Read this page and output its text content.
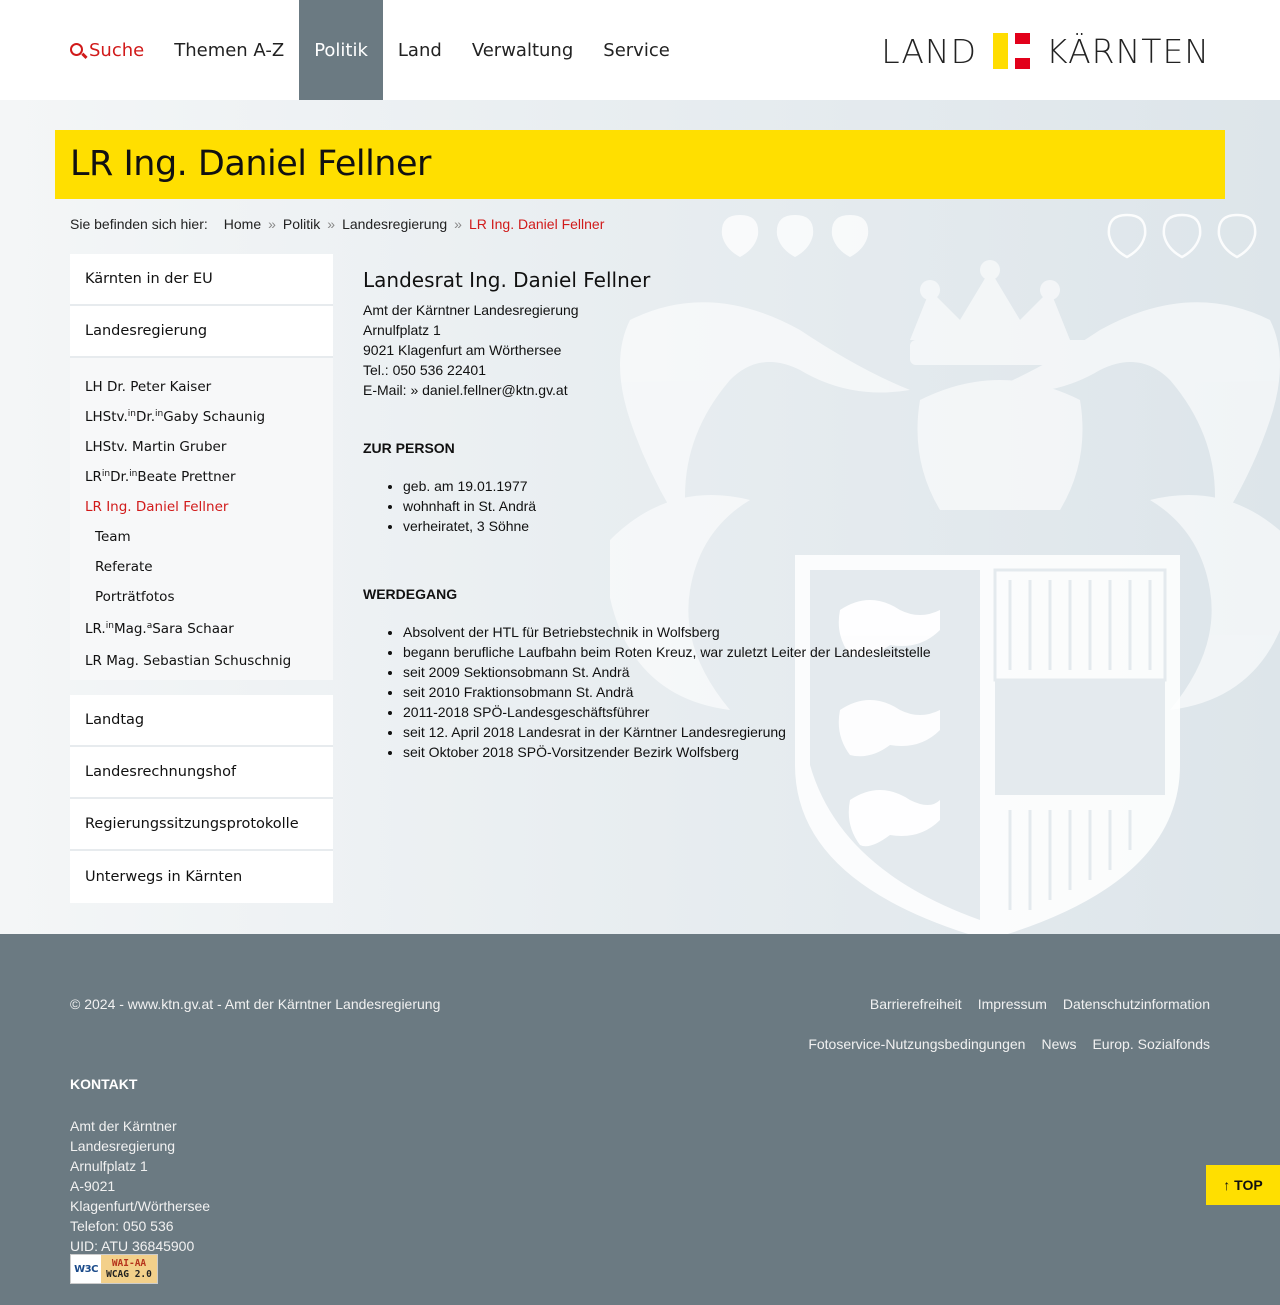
Suche	Themen A-Z	Politik	Land	Verwaltung	Service	LAND KÄRNTEN
LR Ing. Daniel Fellner
Sie befinden sich hier: Home » Politik » Landesregierung » LR Ing. Daniel Fellner
Kärnten in der EU
Landesregierung
LH Dr. Peter Kaiser
LHStv.$^{in}$ Dr.$^{in}$ Gaby Schaunig
LHStv. Martin Gruber
$LR^{in}$ Dr.$^{in}$ Beate Prettner
LR Ing. Daniel Fellner
Team
Referate
Porträtfotos
LR.$^{in}$ Mag.$^a$ Sara Schaar
LR Mag. Sebastian Schuschnig
Landtag
Landesrechnungshof
Regierungssitzungsprotokolle
Unterwegs in Kärnten
Landesrat Ing. Daniel Fellner
Amt der Kärntner Landesregierung
Arnulfplatz 1
9021 Klagenfurt am Wörthersee
Tel.: 050 536 22401
E-Mail: » daniel.fellner@ktn.gv.at
ZUR PERSON
• geb. am 19.01.1977
• wohnhaft in St. Andrä
• verheiratet, 3 Söhne
WERDEGANG
• Absolvent der HTL für Betriebstechnik in Wolfsberg
• begann berufliche Laufbahn beim Roten Kreuz, war zuletzt Leiter der Landesleitstelle
• seit 2009 Sektionsobmann St. Andrä
• seit 2010 Fraktionsobmann St. Andrä
• 2011-2018 SPÖ-Landesgeschäftsführer
• seit 12. April 2018 Landesrat in der Kärntner Landesregierung
• seit Oktober 2018 SPÖ-Vorsitzender Bezirk Wolfsberg
© 2024 - www.ktn.gv.at - Amt der Kärntner Landesregierung	Barrierefreiheit Impressum Datenschutzinformation
Fotoservice-Nutzungsbedingungen News Europ. Sozialfonds
KONTAKT
Amt der Kärntner
Landesregierung
Arnulfplatz 1
A-9021
Klagenfurt/Wörthersee
Telefon: 050 536
UID: ATU 36845900
W3C	WAI-AA
WCAG 2.0
↑ TOP
